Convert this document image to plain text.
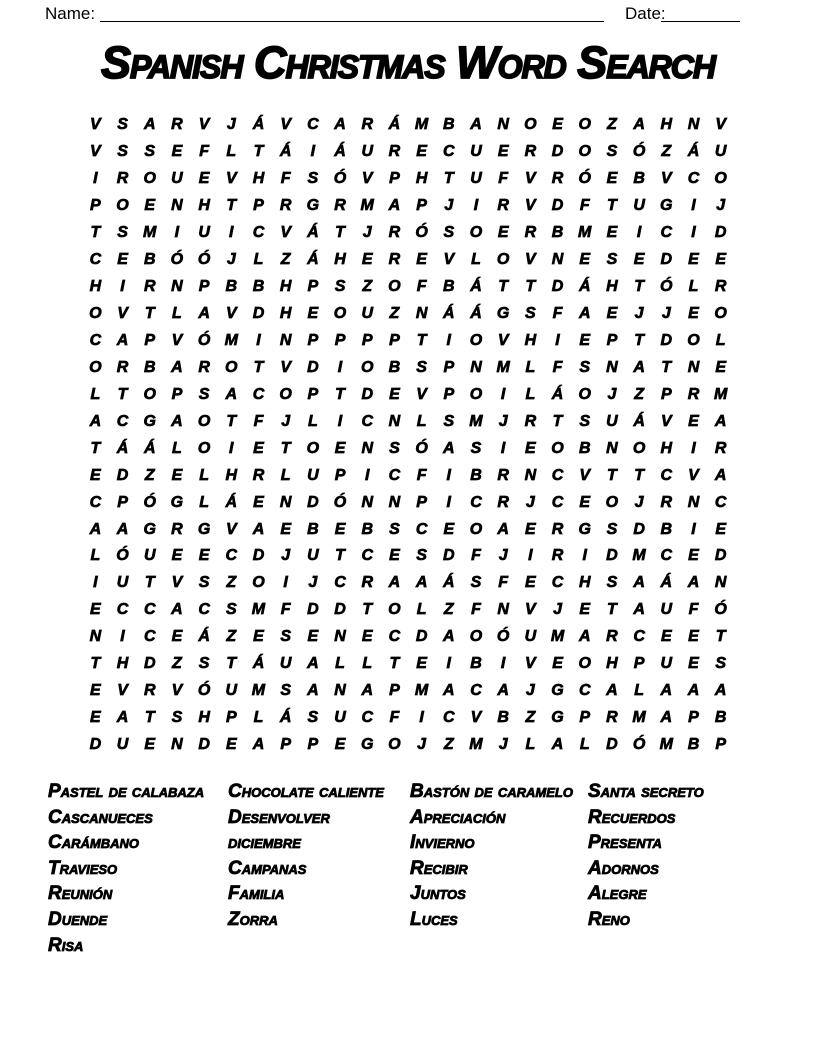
Name:	Date:
Spanish Christmas Word Search
V	S	A R	V	J	Á	V	C A R Á M B A N O E O	Z	A H N	V
V	S	S	E	F	L	T	Á	I	Á U R	E	C U	E	R D O S Ó	Z	Á U
I	R O U	E	V	H	F	S Ó V	P	H	T	U	F	V	R Ó E	B	V	C O
P O E	N H	T	P	R G R M A	P	J	I	R	V	D	F	T	U G	I	J
T	S M	I	U	I	C	V	Á	T	J	R Ó S O E	R B M E	I	C	I	D
C	E	B Ó Ó	J	L	Z	Á H	E	R	E	V	L	O V	N	E	S	E	D	E	E
H	I	R N	P	B B H	P	S	Z	O	F	B Á	T	T	D Á H	T	Ó	L	R
O V	T	L	A	V	D H	E O U	Z	N Á Á G S	F	A	E	J	J	E O
C A	P	V Ó M	I	N	P	P	P	P	T	I	O V	H	I	E	P	T	D O	L
O R B A R O	T	V	D	I	O B	S	P	N M L	F	S	N A	T	N	E
L	T	O P	S	A C O P	T	D	E	V	P O	I	L	Á O	J	Z	P	R M
A C G A O	T	F	J	L	I	C N	L	S M	J	R	T	S	U Á	V	E	A
T	Á Á	L	O	I	E	T	O E	N	S Ó A	S	I	E O B N O H	I	R
E	D	Z	E	L	H R	L	U	P	I	C	F	I	B R N C	V	T	T	C	V	A
C	P Ó G	L	Á	E	N D Ó N N	P	I	C R	J	C	E O	J	R N C
A A G R G V	A	E	B	E	B	S	C	E O A	E	R G S	D B	I	E
L	Ó U	E	E	C D	J	U	T	C	E	S	D	F	J	I	R	I	D M C	E	D
I	U	T	V	S	Z	O	I	J	C R A A Á	S	F	E	C H	S	A Á A N
E	C C A C	S M F	D D	T	O	L	Z	F	N	V	J	E	T	A U	F	Ó
N	I	C	E	Á	Z	E	S	E	N	E	C D A O Ó U M A R C	E	E	T
T	H D	Z	S	T	Á U A	L	L	T	E	I	B	I	V	E O H	P	U	E	S
E	V	R	V Ó U M S	A N A	P M A C A	J	G C A	L	A A A
E	A	T	S	H	P	L	Á	S	U C	F	I	C	V	B	Z	G P	R M A	P	B
D U	E	N D	E	A	P	P	E G O	J	Z M	J	L	A	L	D Ó M B	P
Pastel de calabaza
Cascanueces
Carámbano
Travieso
Reunión
Duende
Risa
Chocolate caliente
Desenvolver
diciembre
Campanas
Familia
Zorra
Bastón de caramelo
Apreciación
Invierno
Recibir
Juntos
Luces
Santa secreto
Recuerdos
Presenta
Adornos
Alegre
Reno
